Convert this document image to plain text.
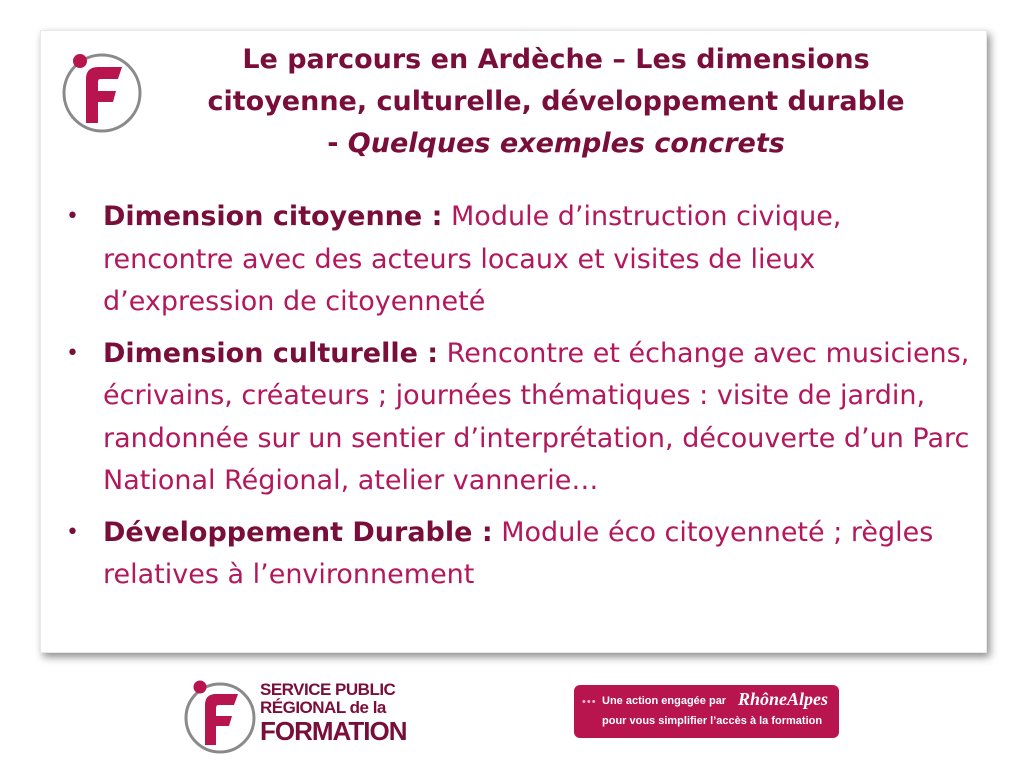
Le parcours en Ardèche – Les dimensions
citoyenne, culturelle, développement durable
- Quelques exemples concrets
• Dimension citoyenne : Module d’instruction civique, rencontre avec des acteurs locaux et visites de lieux d’expression de citoyenneté
• Dimension culturelle : Rencontre et échange avec musiciens, écrivains, créateurs ; journées thématiques : visite de jardin, randonnée sur un sentier d’interprétation, découverte d’un Parc National Régional, atelier vannerie…
• Développement Durable : Module éco citoyenneté ; règles relatives à l’environnement
SERVICE PUBLIC
RÉGIONAL de la
FORMATION
••• Une action engagée par RhôneAlpes
pour vous simplifier l’accès à la formation
